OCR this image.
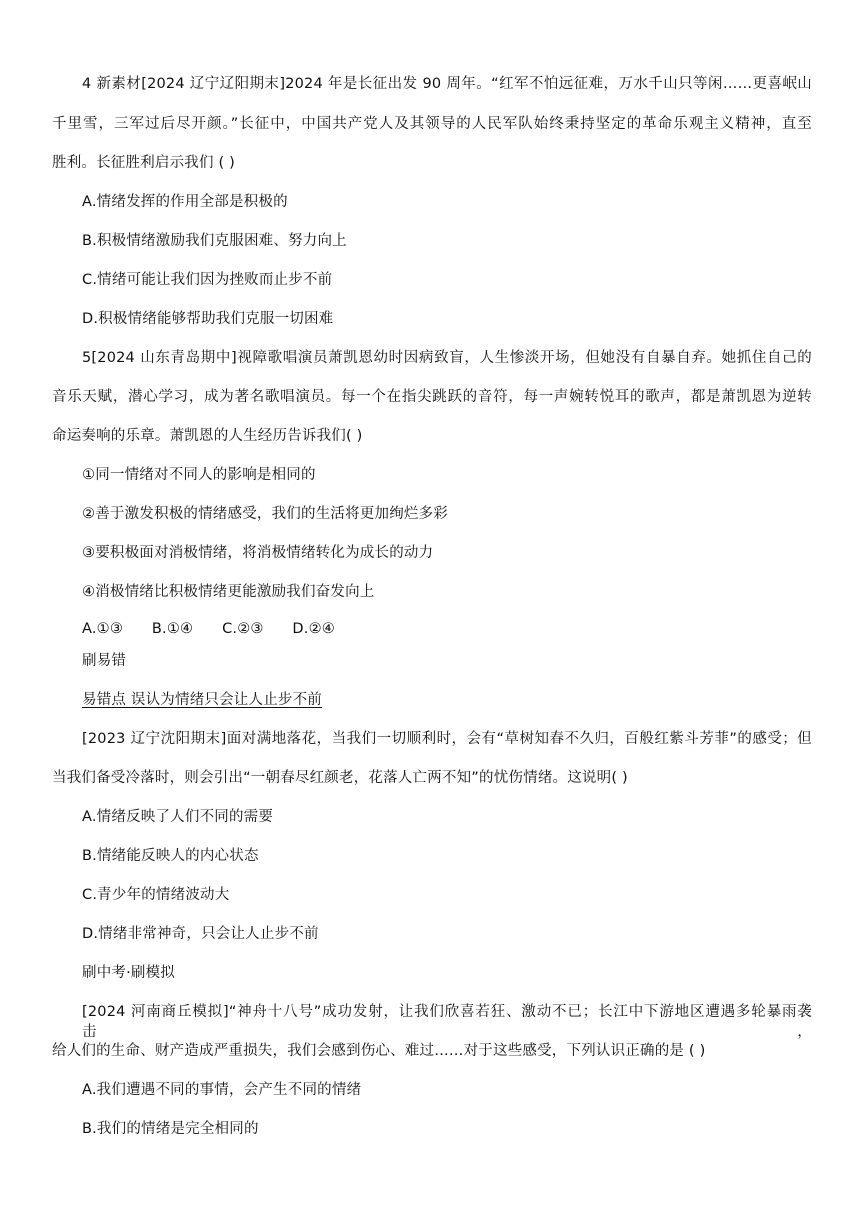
4 新素材[2024 辽宁辽阳期末]2024 年是长征出发 90 周年。“红军不怕远征难，万水千山只等闲……更喜岷山
千里雪，三军过后尽开颜。”长征中，中国共产党人及其领导的人民军队始终秉持坚定的革命乐观主义精神，直至
胜利。长征胜利启示我们 ( )
A.情绪发挥的作用全部是积极的
B.积极情绪激励我们克服困难、努力向上
C.情绪可能让我们因为挫败而止步不前
D.积极情绪能够帮助我们克服一切困难
5[2024 山东青岛期中]视障歌唱演员萧凯恩幼时因病致盲，人生惨淡开场，但她没有自暴自弃。她抓住自己的
音乐天赋，潜心学习，成为著名歌唱演员。每一个在指尖跳跃的音符，每一声婉转悦耳的歌声，都是萧凯恩为逆转
命运奏响的乐章。萧凯恩的人生经历告诉我们( )
①同一情绪对不同人的影响是相同的
②善于激发积极的情绪感受，我们的生活将更加绚烂多彩
③要积极面对消极情绪，将消极情绪转化为成长的动力
④消极情绪比积极情绪更能激励我们奋发向上
A.①③ B.①④ C.②③ D.②④
刷易错
易错点 误认为情绪只会让人止步不前
[2023 辽宁沈阳期末]面对满地落花，当我们一切顺利时，会有“草树知春不久归，百般红紫斗芳菲”的感受；但
当我们备受冷落时，则会引出“一朝春尽红颜老，花落人亡两不知”的忧伤情绪。这说明( )
A.情绪反映了人们不同的需要
B.情绪能反映人的内心状态
C.青少年的情绪波动大
D.情绪非常神奇，只会让人止步不前
刷中考·刷模拟
[2024 河南商丘模拟]“神舟十八号”成功发射，让我们欣喜若狂、激动不已；长江中下游地区遭遇多轮暴雨袭击，
给人们的生命、财产造成严重损失，我们会感到伤心、难过……对于这些感受，下列认识正确的是 ( )
A.我们遭遇不同的事情，会产生不同的情绪
B.我们的情绪是完全相同的
